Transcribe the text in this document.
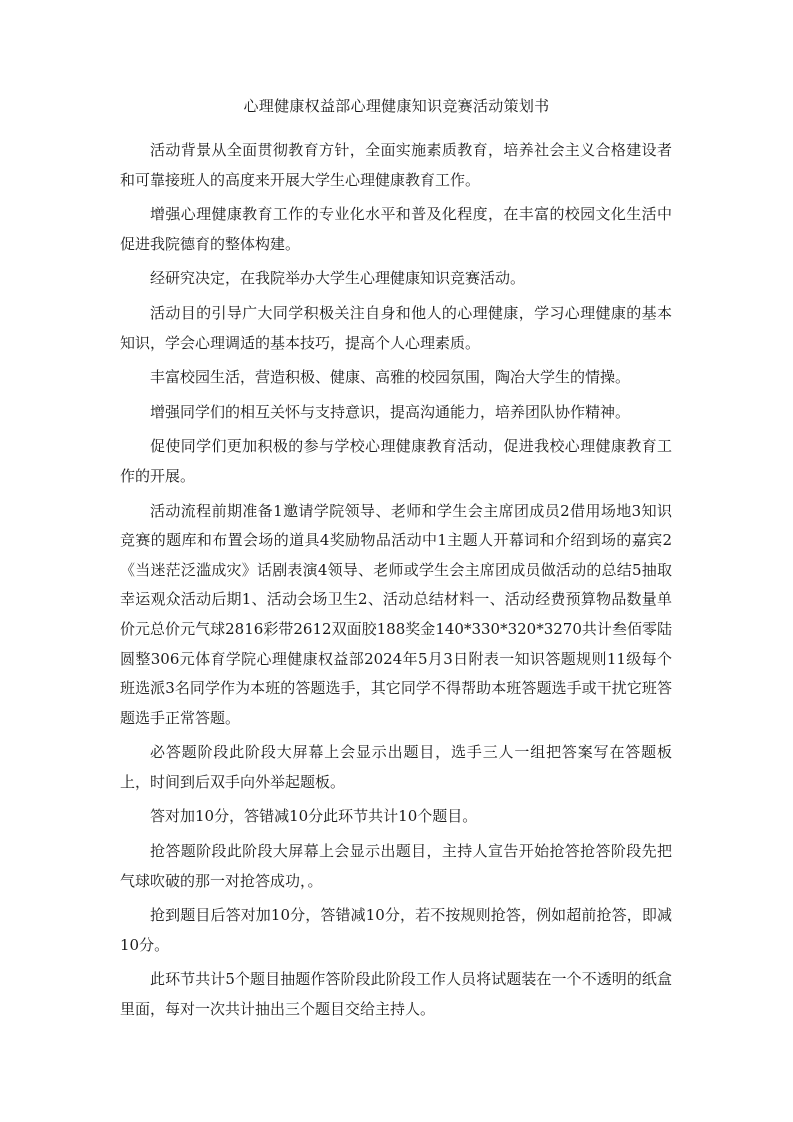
心理健康权益部心理健康知识竞赛活动策划书

活动背景从全面贯彻教育方针，全面实施素质教育，培养社会主义合格建设者和可靠接班人的高度来开展大学生心理健康教育工作。

增强心理健康教育工作的专业化水平和普及化程度，在丰富的校园文化生活中促进我院德育的整体构建。

经研究决定，在我院举办大学生心理健康知识竞赛活动。

活动目的引导广大同学积极关注自身和他人的心理健康，学习心理健康的基本知识，学会心理调适的基本技巧，提高个人心理素质。

丰富校园生活，营造积极、健康、高雅的校园氛围，陶冶大学生的情操。

增强同学们的相互关怀与支持意识，提高沟通能力，培养团队协作精神。

促使同学们更加积极的参与学校心理健康教育活动，促进我校心理健康教育工作的开展。

活动流程前期准备1邀请学院领导、老师和学生会主席团成员2借用场地3知识竞赛的题库和布置会场的道具4奖励物品活动中1主题人开幕词和介绍到场的嘉宾2《当迷茫泛滥成灾》话剧表演4领导、老师或学生会主席团成员做活动的总结5抽取幸运观众活动后期1、活动会场卫生2、活动总结材料一、活动经费预算物品数量单价元总价元气球2816彩带2612双面胶188奖金140*330*320*3270共计叁佰零陆圆整306元体育学院心理健康权益部2024年5月3日附表一知识答题规则11级每个班选派3名同学作为本班的答题选手，其它同学不得帮助本班答题选手或干扰它班答题选手正常答题。

必答题阶段此阶段大屏幕上会显示出题目，选手三人一组把答案写在答题板上，时间到后双手向外举起题板。

答对加10分，答错减10分此环节共计10个题目。

抢答题阶段此阶段大屏幕上会显示出题目，主持人宣告开始抢答抢答阶段先把气球吹破的那一对抢答成功，。

抢到题目后答对加10分，答错减10分，若不按规则抢答，例如超前抢答，即减10分。

此环节共计5个题目抽题作答阶段此阶段工作人员将试题装在一个不透明的纸盒里面，每对一次共计抽出三个题目交给主持人。
